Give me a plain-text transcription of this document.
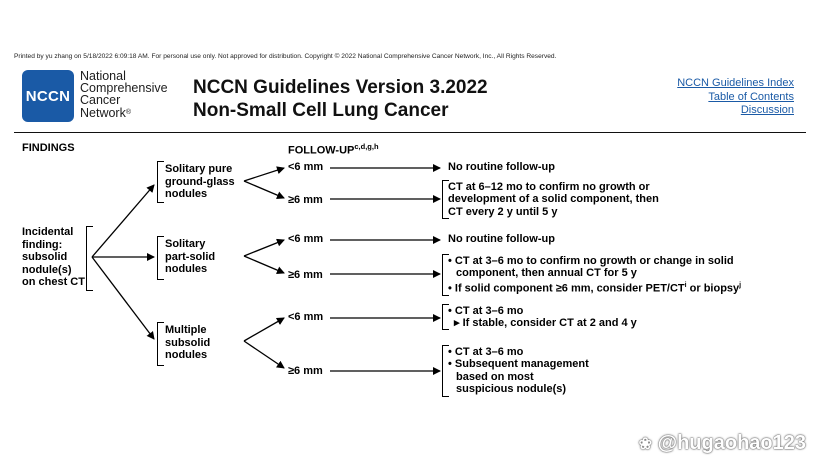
Printed by yu zhang on 5/18/2022 6:09:18 AM. For personal use only. Not approved for distribution. Copyright © 2022 National Comprehensive Cancer Network, Inc., All Rights Reserved.
NCCN
National
Comprehensive
Cancer
Network®
NCCN Guidelines Version 3.2022
Non-Small Cell Lung Cancer
NCCN Guidelines Index
Table of Contents
Discussion
FINDINGS	FOLLOW-UP$^{c,d,g,h}$
Incidental
finding:
subsolid
nodule(s)
on chest CT
Solitary pure
ground-glass
nodules
Solitary
part-solid
nodules
Multiple
subsolid
nodules
<6 mm
≥6 mm
<6 mm
≥6 mm
<6 mm
≥6 mm
No routine follow-up
CT at 6–12 mo to confirm no growth or
development of a solid component, then
CT every 2 y until 5 y
No routine follow-up
• CT at 3–6 mo to confirm no growth or change in solid
component, then annual CT for 5 y
• If solid component ≥6 mm, consider PET/$CT^i$ or biopsy$^j$
• CT at 3–6 mo
▸ If stable, consider CT at 2 and 4 y
• CT at 3–6 mo
• Subsequent management
based on most
suspicious nodule(s)
❀ @hugaohao123
